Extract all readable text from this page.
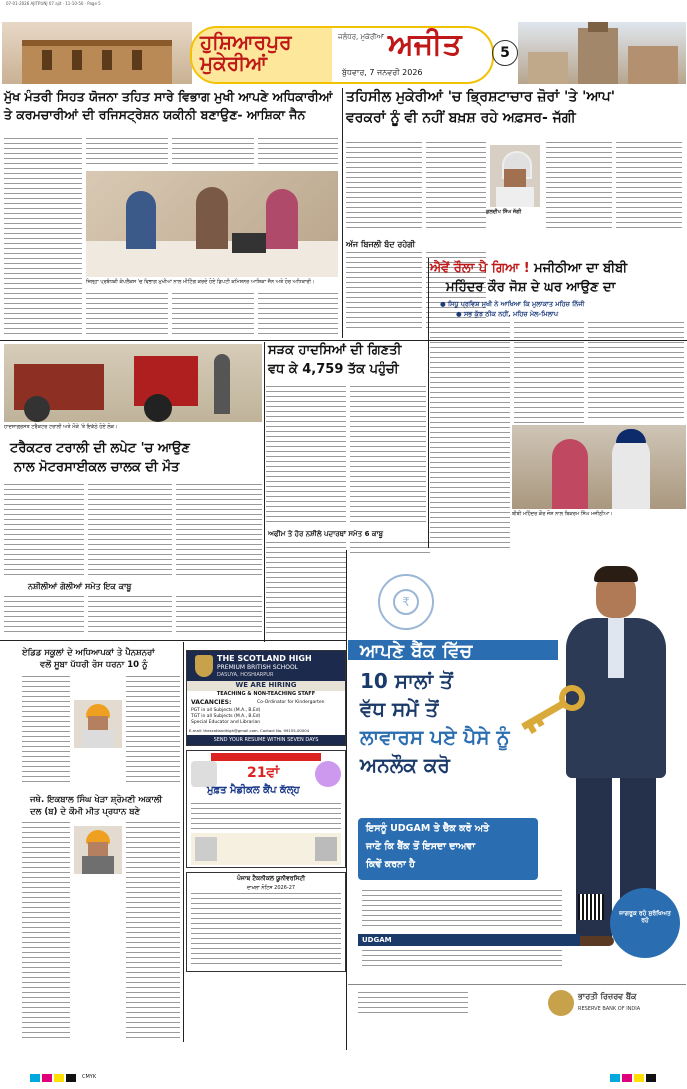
07-01-2026 AJITPUNJ 07 ajit · 11-10-50 · Page 5
ਹੁਸ਼ਿਆਰਪੁਰ ਮੁਕੇਰੀਆਂ
ਜਲੰਧਰ, ਮੁਕੇਰੀਆਂ ਅਜੀਤ
ਬੁੱਧਵਾਰ, 7 ਜਨਵਰੀ 2026
5
ਮੁੱਖ ਮੰਤਰੀ ਸਿਹਤ ਯੋਜਨਾ ਤਹਿਤ ਸਾਰੇ ਵਿਭਾਗ ਮੁਖੀ ਆਪਣੇ ਅਧਿਕਾਰੀਆਂ
ਤੇ ਕਰਮਚਾਰੀਆਂ ਦੀ ਰਜਿਸਟ੍ਰੇਸ਼ਨ ਯਕੀਨੀ ਬਣਾਉਣ- ਆਸ਼ਿਕਾ ਜੈਨ
ਜ਼ਿਲ੍ਹਾ ਪ੍ਰਬੰਧਕੀ ਕੰਪਲੈਕਸ 'ਚ ਵਿਭਾਗ ਮੁਖੀਆਂ ਨਾਲ ਮੀਟਿੰਗ ਕਰਦੇ ਹੋਏ ਡਿਪਟੀ ਕਮਿਸ਼ਨਰ ਆਸ਼ਿਕਾ ਜੈਨ ਅਤੇ ਹੋਰ ਅਧਿਕਾਰੀ।
ਤਹਿਸੀਲ ਮੁਕੇਰੀਆਂ 'ਚ ਭ੍ਰਿਸ਼ਟਾਚਾਰ ਜ਼ੋਰਾਂ 'ਤੇ 'ਆਪ'
ਵਰਕਰਾਂ ਨੂੰ ਵੀ ਨਹੀਂ ਬਖ਼ਸ਼ ਰਹੇ ਅਫ਼ਸਰ- ਜੱਗੀ
ਕੁਲਦੀਪ ਸਿੰਘ ਜੱਗੀ
ਅੱਜ ਬਿਜਲੀ ਬੰਦ ਰਹੇਗੀ
ਐਵੇਂ ਰੌਲਾ ਪੈ ਗਿਆ ! ਮਜੀਠੀਆ ਦਾ ਬੀਬੀ
ਮਹਿੰਦਰ ਕੌਰ ਜੋਸ਼ ਦੇ ਘਰ ਆਉਣ ਦਾ
● ਸਿਧੂ ਪ੍ਰਵਿਸ਼ ਮੁਖੀ ਨੇ ਆਖਿਆ ਕਿ ਮੁਲਾਕਾਤ ਮਹਿਜ਼ ਨਿੱਜੀ
● ਸਭ ਕੁੱਝ ਠੀਕ ਨਹੀਂ, ਮਹਿਜ਼ ਮੇਲ-ਮਿਲਾਪ
ਬੀਬੀ ਮਹਿੰਦਰ ਕੌਰ ਜੋਸ਼ ਨਾਲ ਬਿਕਰਮ ਸਿੰਘ ਮਜੀਠੀਆ।
ਸੜਕ ਹਾਦਸਿਆਂ ਦੀ ਗਿਣਤੀ
ਵਧ ਕੇ 4,759 ਤੱਕ ਪਹੁੰਚੀ
ਹਾਦਸਾਗ੍ਰਸਤ ਟਰੈਕਟਰ ਟਰਾਲੀ ਅਤੇ ਮੌਕੇ 'ਤੇ ਇਕੱਠੇ ਹੋਏ ਲੋਕ।
ਟਰੈਕਟਰ ਟਰਾਲੀ ਦੀ ਲਪੇਟ 'ਚ ਆਉਣ
ਨਾਲ ਮੋਟਰਸਾਈਕਲ ਚਾਲਕ ਦੀ ਮੌਤ
ਅਫੀਮ ਤੇ ਹੋਰ ਨਸ਼ੀਲੇ ਪਦਾਰਥਾਂ ਸਮੇਤ 6 ਕਾਬੂ
ਨਸ਼ੀਲੀਆਂ ਗੋਲੀਆਂ ਸਮੇਤ ਇਕ ਕਾਬੂ
ਏਡਿਡ ਸਕੂਲਾਂ ਦੇ ਅਧਿਆਪਕਾਂ ਤੇ ਪੈਨਸ਼ਨਰਾਂ
ਵਲੋਂ ਸੂਬਾ ਪੱਧਰੀ ਰੋਸ ਧਰਨਾ 10 ਨੂੰ
ਜਥੇ. ਇਕਬਾਲ ਸਿੰਘ ਖੇੜਾ ਸ਼੍ਰੋਮਣੀ ਅਕਾਲੀ
ਦਲ (ਬ) ਦੇ ਕੌਮੀ ਮੀਤ ਪ੍ਰਧਾਨ ਬਣੇ
THE SCOTLAND HIGH
PREMIUM BRITISH SCHOOL
DASUYA, HOSHIARPUR
WE ARE HIRING
TEACHING & NON-TEACHING STAFF
VACANCIES:
PGT in all Subjects (M.A., B.Ed)
TGT in all Subjects (M.A., B.Ed)
Co-Ordinator for Kindergarten
Special Educator and Librarian
E-mail: thescotlandhigh@gmail.com. Contact No. 99155-00004
SEND YOUR RESUME WITHIN SEVEN DAYS
21ਵਾਂ
ਮੁਫ਼ਤ ਮੈਡੀਕਲ ਕੈਂਪ ਕੱਲ੍ਹ
ਪੰਜਾਬ ਟੈਕਨੀਕਲ ਯੂਨੀਵਰਸਿਟੀ
ਦਾਖ਼ਲਾ ਨੋਟਿਸ 2026-27
₹
ਆਪਣੇ ਬੈਂਕ ਵਿੱਚ
10 ਸਾਲਾਂ ਤੋਂ
ਵੱਧ ਸਮੇਂ ਤੋਂ
ਲਾਵਾਰਸ ਪਏ ਪੈਸੇ ਨੂੰ
ਅਨਲੌਕ ਕਰੋ
ਇਸਨੂੰ UDGAM ਤੇ ਚੈੱਕ ਕਰੋ ਅਤੇ
ਜਾਣੋ ਕਿ ਬੈਂਕ ਤੋਂ ਇਸਦਾ ਦਾਅਵਾ
ਕਿਵੇਂ ਕਰਨਾ ਹੈ
UDGAM
ਜਾਗਰੂਕ ਰਹੋ ਸੁਰੱਖਿਅਤ ਰਹੋ
ਭਾਰਤੀ ਰਿਜ਼ਰਵ ਬੈਂਕ
RESERVE BANK OF INDIA
CMYK
